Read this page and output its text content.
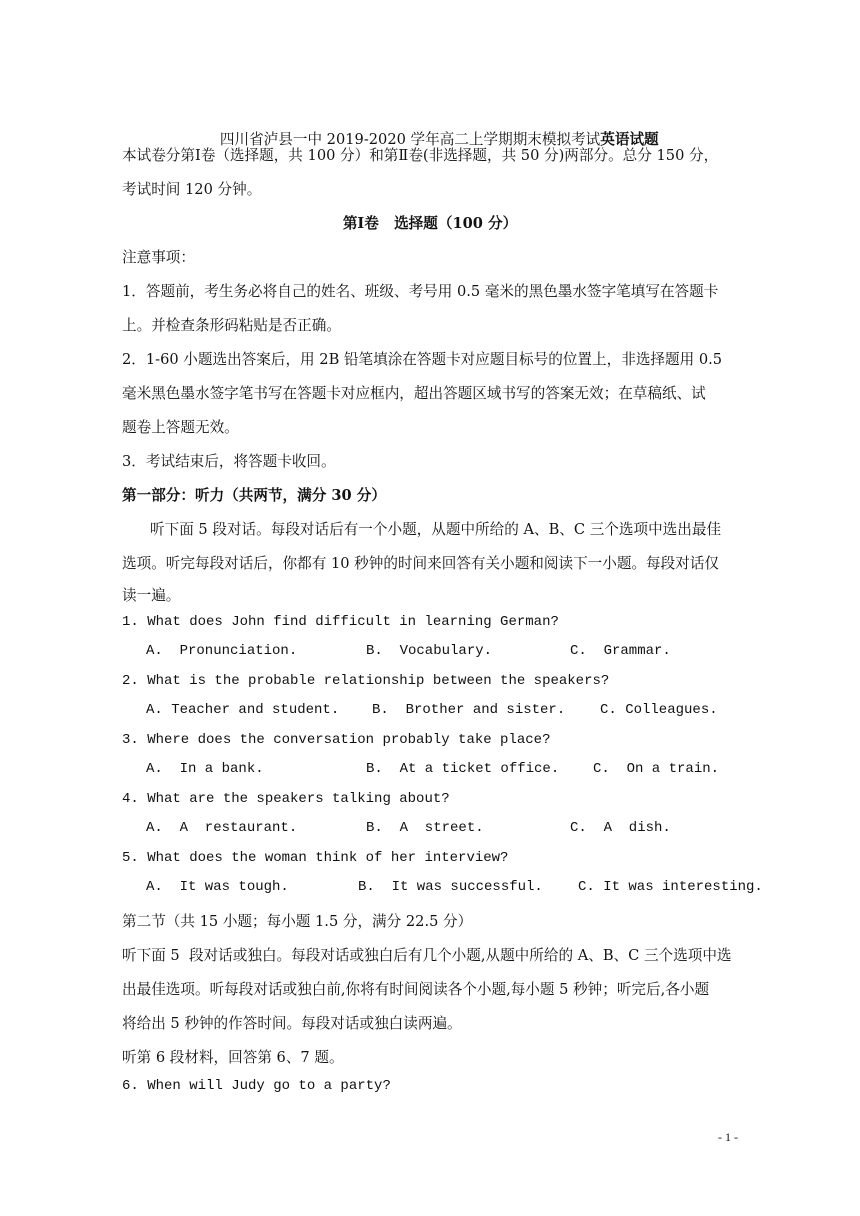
四川省泸县一中 2019-2020 学年高二上学期期末模拟考试英语试题

本试卷分第Ⅰ卷（选择题，共 100 分）和第Ⅱ卷(非选择题，共 50 分)两部分。总分 150 分，
考试时间 120 分钟。
第Ⅰ卷   选择题（100 分）
注意事项：
1．答题前，考生务必将自己的姓名、班级、考号用 0.5 毫米的黑色墨水签字笔填写在答题卡
上。并检查条形码粘贴是否正确。
2．1-60 小题选出答案后，用 2B 铅笔填涂在答题卡对应题目标号的位置上，非选择题用 0.5
毫米黑色墨水签字笔书写在答题卡对应框内，超出答题区域书写的答案无效；在草稿纸、试
题卷上答题无效。
3．考试结束后，将答题卡收回。
第一部分：听力（共两节，满分 30 分）
听下面 5 段对话。每段对话后有一个小题，从题中所给的 A、B、C 三个选项中选出最佳
选项。听完每段对话后，你都有 10 秒钟的时间来回答有关小题和阅读下一小题。每段对话仅
读一遍。
1. What does John find difficult in learning German?
A.  Pronunciation.	B.  Vocabulary.	C.  Grammar.
2. What is the probable relationship between the speakers?
A. Teacher and student. B.  Brother and sister. C. Colleagues.
3. Where does the conversation probably take place?
A.  In a bank.	B.  At a ticket office. C.  On a train.
4. What are the speakers talking about?
A.  A  restaurant.	B.  A  street.	C.  A  dish.
5. What does the woman think of her interview?
A.  It was tough.	B.  It was successful.	C. It was interesting.
第二节（共 15 小题；每小题 1.5 分，满分 22.5 分）
听下面 5  段对话或独白。每段对话或独白后有几个小题,从题中所给的 A、B、C 三个选项中选
出最佳选项。听每段对话或独白前,你将有时间阅读各个小题,每小题 5 秒钟；听完后,各小题
将给出 5 秒钟的作答时间。每段对话或独白读两遍。
听第 6 段材料，回答第 6、7 题。
6. When will Judy go to a party?
- 1 -
